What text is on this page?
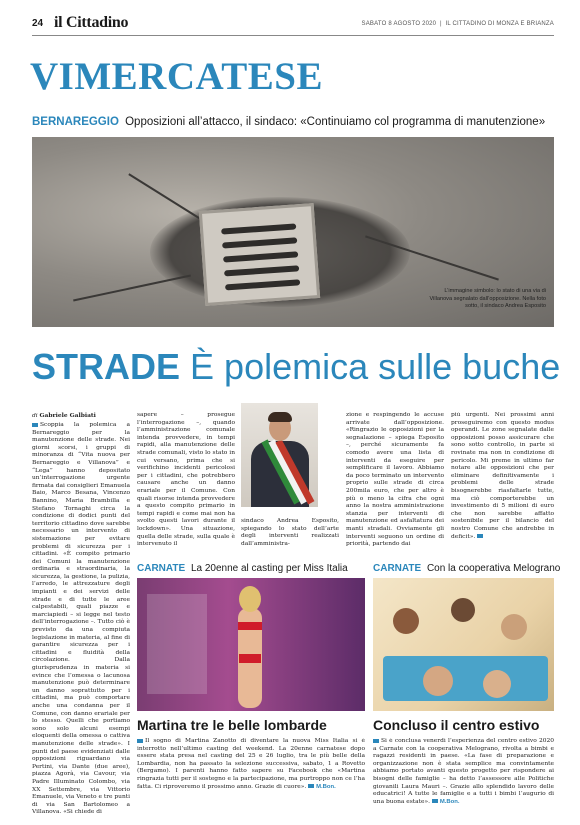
24 il Cittadino	SABATO 8 AGOSTO 2020  |  IL CITTADINO DI MONZA E BRIANZA
VIMERCATESE
BERNAREGGIO Opposizioni all’attacco, il sindaco: «Continuiamo col programma di manutenzione»
L’immagine simbolo: lo stato di una via di Villanova segnalato dall’opposizione. Nella foto sotto, il sindaco Andrea Esposito
STRADE È polemica sulle buche
di Gabriele Galbiati
Scoppia la polemica a Bernareggio per la manutenzione delle strade. Nei giorni scorsi, i gruppi di minoranza di “Vita nuova per Bernareggio e Villanova” e “Lega” hanno depositato un’interrogazione urgente firmata dai consiglieri Emanuela Baio, Marco Besana, Vincenzo Bannino, Maria Brambilla e Stefano Tornaghi circa la condizione di dodici punti del territorio cittadino dove sarebbe necessario un intervento di sistemazione per evitare problemi di sicurezza per i cittadini. «È compito primario dei Comuni la manutenzione ordinaria e straordinaria, la sicurezza, la gestione, la pulizia, l’arredo, le attrezzature degli impianti e dei servizi delle strade e di tutte le aree calpestabili, quali piazze e marciapiedi – si legge nel testo dell’interrogazione –. Tutto ciò è previsto da una compiuta legislazione in materia, al fine di garantire sicurezza per i cittadini e fluidità della circolazione. Dalla giurisprudenza in materia si evince che l’omessa o lacunosa manutenzione può determinare un danno soprattutto per i cittadini, ma può comportare anche una condanna per il Comune, con danno erariale per lo stesso. Quelli che portiamo sono solo alcuni esempi eloquenti della omessa o cattiva manutenzione delle strade». I punti del paese evidenziati dalle opposizioni riguardano via Pertini, via Dante (due aree), piazza Agorà, via Cavour, via Padre Illuminato Colombo, via XX Settembre, via Vittorio Emanuele, via Veneto e tre punti di via San Bartolomeo a Villanova. «Si chiede di
sapere – prosegue l’interrogazione –, quando l’amministrazione comunale intenda provvedere, in tempi rapidi, alla manutenzione delle strade comunali, visto lo stato in cui versano, prima che si verifichino incidenti pericolosi per i cittadini, che potrebbero causare anche un danno erariale per il Comune. Con quali risorse intenda provvedere a questo compito primario in tempi rapidi e come mai non ha svolto questi lavori durante il lockdown». Una situazione, quella delle strade, sulla quale è intervenuto il
sindaco Andrea Esposito, spiegando lo stato dell’arte degli interventi realizzati dall’amministra-
zione e respingendo le accuse arrivate dall’opposizione. «Ringrazio le opposizioni per la segnalazione – spiega Esposito –, perché sicuramente fa comodo avere una lista di interventi da eseguire per semplificare il lavoro. Abbiamo da poco terminato un intervento proprio sulle strade di circa 200mila euro, che per altro è più o meno la cifra che ogni anno la nostra amministrazione stanzia per interventi di manutenzione ed asfaltatura dei manti stradali. Ovviamente gli interventi seguono un ordine di priorità, partendo dai
più urgenti. Nei prossimi anni proseguiremo con questo modus operandi. Le zone segnalate dalle opposizioni posso assicurare che sono sotto controllo, in parte si rovinate ma non in condizione di pericolo. Mi preme in ultimo far notare alle opposizioni che per eliminare definitivamente i problemi delle strade bisognerebbe riasfaltarle tutte, ma ciò comporterebbe un investimento di 5 milioni di euro che non sarebbe affatto sostenibile per il bilancio del nostro Comune che andrebbe in deficit».
CARNATE La 20enne al casting per Miss Italia
Martina tre le belle lombarde
Il sogno di Martina Zanotto di diventare la nuova Miss Italia si è interrotto nell’ultimo casting del weekend. La 20enne carnatese dopo essere stata presa nel casting del 25 e 26 luglio, tra le più belle della Lombardia, non ha passato la selezione successiva, sabato, 1 a Rovetto (Bergamo). I parenti hanno fatto sapere su Facebook che «Martina ringrazia tutti per il sostegno e la partecipazione, ma purtroppo non ce l’ha fatta. Ci riproveremo il prossimo anno. Grazie di cuore». M.Bon.
CARNATE Con la cooperativa Melograno
Concluso il centro estivo
Si è conclusa venerdì l’esperienza del centro estivo 2020 a Carnate con la cooperativa Melograno, rivolta a bimbi e ragazzi residenti in paese. «La fase di preparazione e organizzazione non è stata semplice ma convintamente abbiamo portato avanti questo progetto per rispondere ai bisogni delle famiglie – ha detto l’assessore alle Politiche giovanili Laura Mauri –. Grazie allo splendido lavoro delle educatrici! A tutte le famiglie e a tutti i bimbi l’augurio di una buona estate». M.Bon.
